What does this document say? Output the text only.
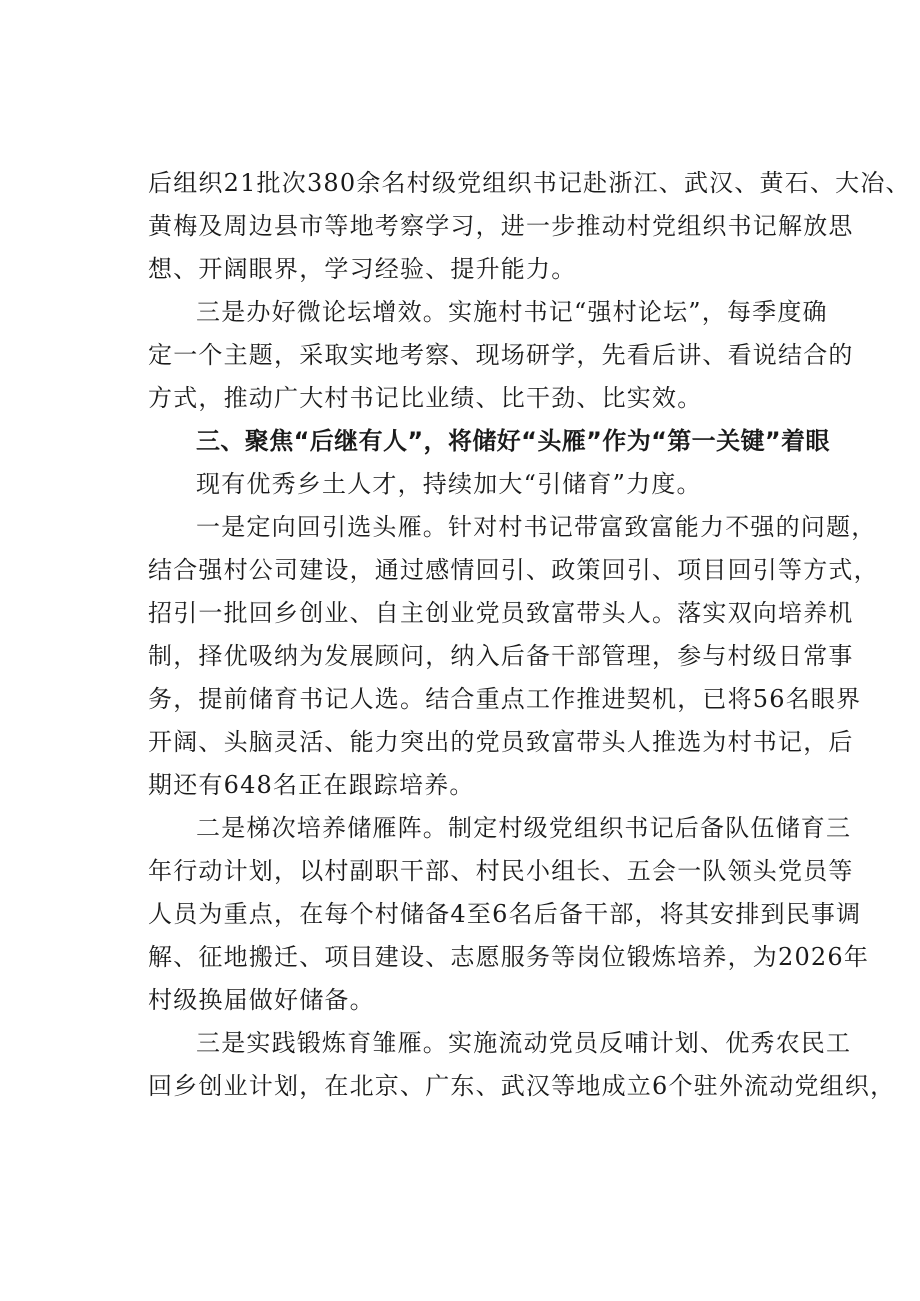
后组织21批次380余名村级党组织书记赴浙江、武汉、黄石、大冶、
黄梅及周边县市等地考察学习，进一步推动村党组织书记解放思
想、开阔眼界，学习经验、提升能力。
三是办好微论坛增效。实施村书记“强村论坛”，每季度确
定一个主题，采取实地考察、现场研学，先看后讲、看说结合的
方式，推动广大村书记比业绩、比干劲、比实效。
三、聚焦“后继有人”，将储好“头雁”作为“第一关键”着眼
现有优秀乡土人才，持续加大“引储育”力度。
一是定向回引选头雁。针对村书记带富致富能力不强的问题，
结合强村公司建设，通过感情回引、政策回引、项目回引等方式，
招引一批回乡创业、自主创业党员致富带头人。落实双向培养机
制，择优吸纳为发展顾问，纳入后备干部管理，参与村级日常事
务，提前储育书记人选。结合重点工作推进契机，已将56名眼界
开阔、头脑灵活、能力突出的党员致富带头人推选为村书记，后
期还有648名正在跟踪培养。
二是梯次培养储雁阵。制定村级党组织书记后备队伍储育三
年行动计划，以村副职干部、村民小组长、五会一队领头党员等
人员为重点，在每个村储备4至6名后备干部，将其安排到民事调
解、征地搬迁、项目建设、志愿服务等岗位锻炼培养，为2026年
村级换届做好储备。
三是实践锻炼育雏雁。实施流动党员反哺计划、优秀农民工
回乡创业计划，在北京、广东、武汉等地成立6个驻外流动党组织，
